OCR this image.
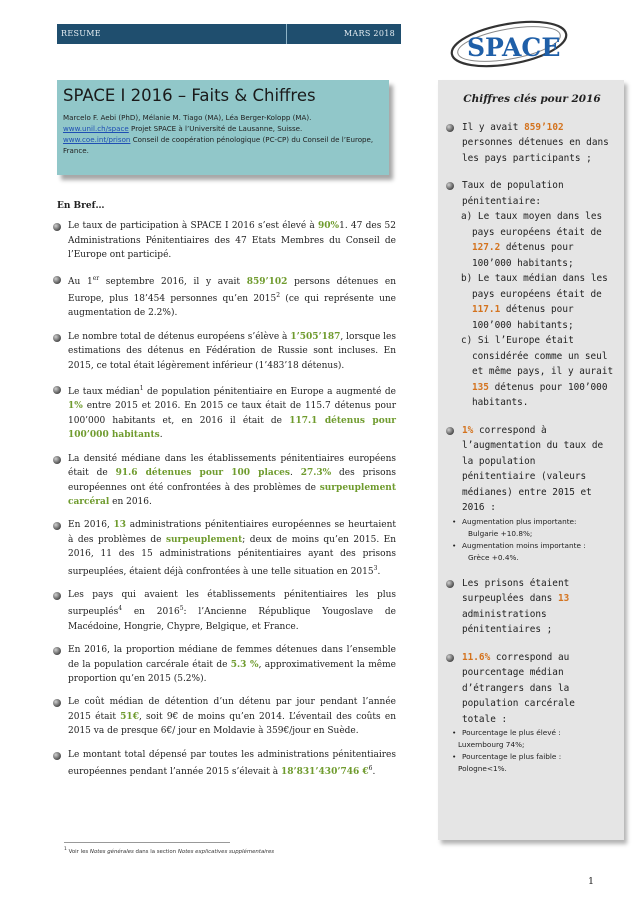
RESUME	MARS 2018	SPACE
SPACE I 2016 – Faits & Chiffres

Marcelo F. Aebi (PhD), Mélanie M. Tiago (MA), Léa Berger-Kolopp (MA).

www.unil.ch/space Projet SPACE à l’Université de Lausanne, Suisse.

www.coe.int/prison Conseil de coopération pénologique (PC-CP) du Conseil de l’Europe, France.

En Bref…
Le taux de participation à SPACE I 2016 s’est élevé à 90%1. 47 des 52 Administrations Pénitentiaires des 47 Etats Membres du Conseil de l’Europe ont participé.
Au 1er septembre 2016, il y avait 859’102 persons détenues en Europe, plus 18’454 personnes qu’en 2015$^2$ (ce qui représente une augmentation de 2.2%).
Le nombre total de détenus européens s’élève à 1’505’187, lorsque les estimations des détenus en Fédération de Russie sont incluses. En 2015, ce total était légèrement inférieur (1’483’18 détenus).
Le taux médian$^1$ de population pénitentiaire en Europe a augmenté de 1% entre 2015 et 2016. En 2015 ce taux était de 115.7 détenus pour 100’000 habitants et, en 2016 il était de 117.1 détenus pour 100’000 habitants.
La densité médiane dans les établissements pénitentiaires européens était de 91.6 détenues pour 100 places. 27.3% des prisons européennes ont été confrontées à des problèmes de surpeuplement carcéral en 2016.
En 2016, 13 administrations pénitentiaires européennes se heurtaient à des problèmes de surpeuplement; deux de moins qu’en 2015. En 2016, 11 des 15 administrations pénitentiaires ayant des prisons surpeuplées, étaient déjà confrontées à une telle situation en 2015$^3$.
Les pays qui avaient les établissements pénitentiaires les plus surpeuplés$^4$ en 2016$^5$: l’Ancienne République Yougoslave de Macédoine, Hongrie, Chypre, Belgique, et France.
En 2016, la proportion médiane de femmes détenues dans l’ensemble de la population carcérale était de 5.3 %, approximativement la même proportion qu’en 2015 (5.2%).
Le coût médian de détention d’un détenu par jour pendant l’année 2015 était 51€, soit 9€ de moins qu’en 2014. L’éventail des coûts en 2015 va de presque 6€/ jour en Moldavie à 359€/jour en Suède.
Le montant total dépensé par toutes les administrations pénitentiaires européennes pendant l’année 2015 s’élevait à 18’831’430’746 €$^6$.
$^1$ Voir les Notes générales dans la section Notes explicatives supplémentaires
1
Chiffres clés pour 2016
Il y avait 859’102 personnes détenues en dans les pays participants ;
Taux de population pénitentiaire:
a) Le taux moyen dans les pays européens était de 127.2 détenus pour 100’000 habitants;
b) Le taux médian dans les pays européens était de 117.1 détenus pour 100’000 habitants;
c) Si l’Europe était considérée comme un seul et même pays, il y aurait 135 détenus pour 100’000 habitants.
1% correspond à l’augmentation du taux de la population pénitentiaire (valeurs médianes) entre 2015 et 2016 :
• Augmentation plus importante:
Bulgarie +10.8%;
• Augmentation moins importante :
Grèce +0.4%.
Les prisons étaient surpeuplées dans 13 administrations pénitentiaires ;
11.6% correspond au pourcentage médian d’étrangers dans la population carcérale totale :
• Pourcentage le plus élevé :
Luxembourg 74%;
• Pourcentage le plus faible :
Pologne<1%.
